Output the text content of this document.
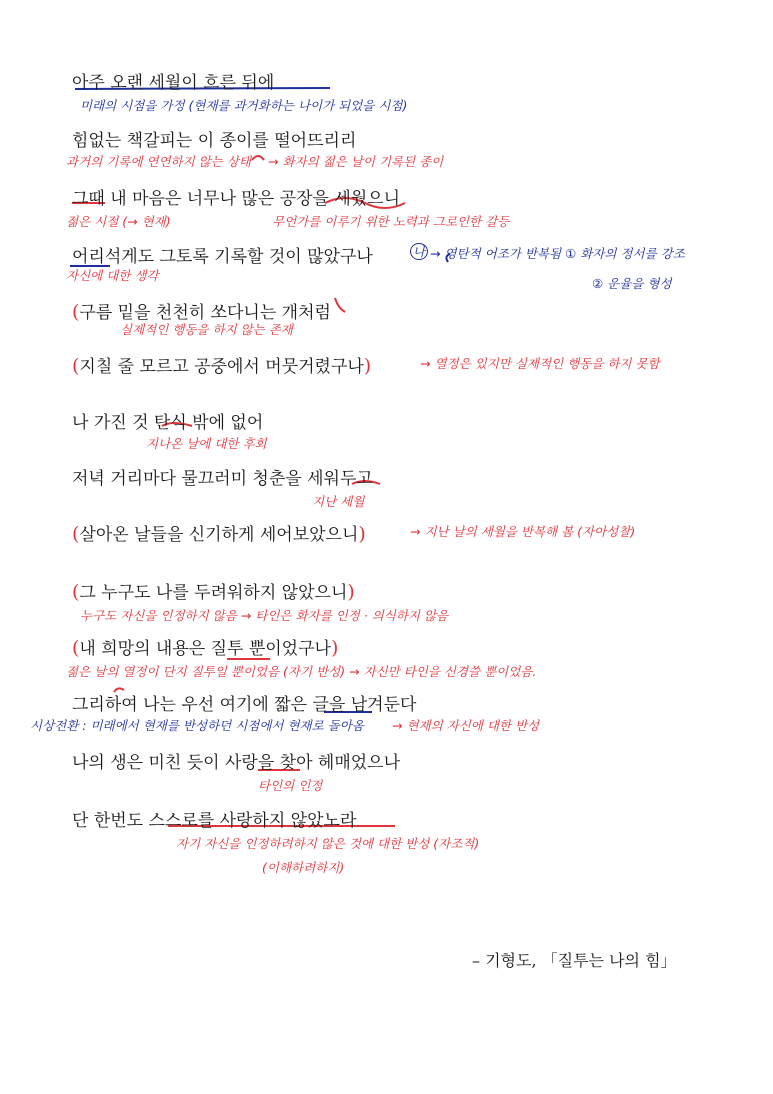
아주 오랜 세월이 흐른 뒤에
미래의 시점을 가정 (현재를 과거화하는 나이가 되었을 시점)
힘없는 책갈피는 이 종이를 떨어뜨리리
과거의 기록에 연연하지 않는 상태 → 화자의 젊은 날이 기록된 종이
그때 내 마음은 너무나 많은 공장을 세웠으니
젊은 시절 (→ 현재)	무언가를 이루기 위한 노력과 그로인한 갈등
어리석게도 그토록 기록할 것이 많았구나	나
자신에 대한 생각
→ 영탄적 어조가 반복됨 ① 화자의 정서를 강조
② 운율을 형성
(구름 밑을 천천히 쏘다니는 개처럼
실제적인 행동을 하지 않는 존재
(지칠 줄 모르고 공중에서 머뭇거렸구나)	→ 열정은 있지만 실제적인 행동을 하지 못함
나 가진 것 탄식 밖에 없어
지나온 날에 대한 후회
저녁 거리마다 물끄러미 청춘을 세워두고
지난 세월
(살아온 날들을 신기하게 세어보았으니)	→ 지난 날의 세월을 반복해 봄 (자아성찰)
(그 누구도 나를 두려워하지 않았으니)
누구도 자신을 인정하지 않음 → 타인은 화자를 인정 · 의식하지 않음
(내 희망의 내용은 질투 뿐이었구나)
젊은 날의 열정이 단지 질투일 뿐이었음 (자기 반성) → 자신만 타인을 신경쓸 뿐이었음.
그리하여 나는 우선 여기에 짧은 글을 남겨둔다
시상전환 : 미래에서 현재를 반성하던 시점에서 현재로 돌아옴 → 현재의 자신에 대한 반성
나의 생은 미친 듯이 사랑을 찾아 헤매었으나
타인의 인정
단 한번도 스스로를 사랑하지 않았노라
자기 자신을 인정하려하지 않은 것에 대한 반성 (자조적)
(이해하려하지)
– 기형도, 「질투는 나의 힘」
